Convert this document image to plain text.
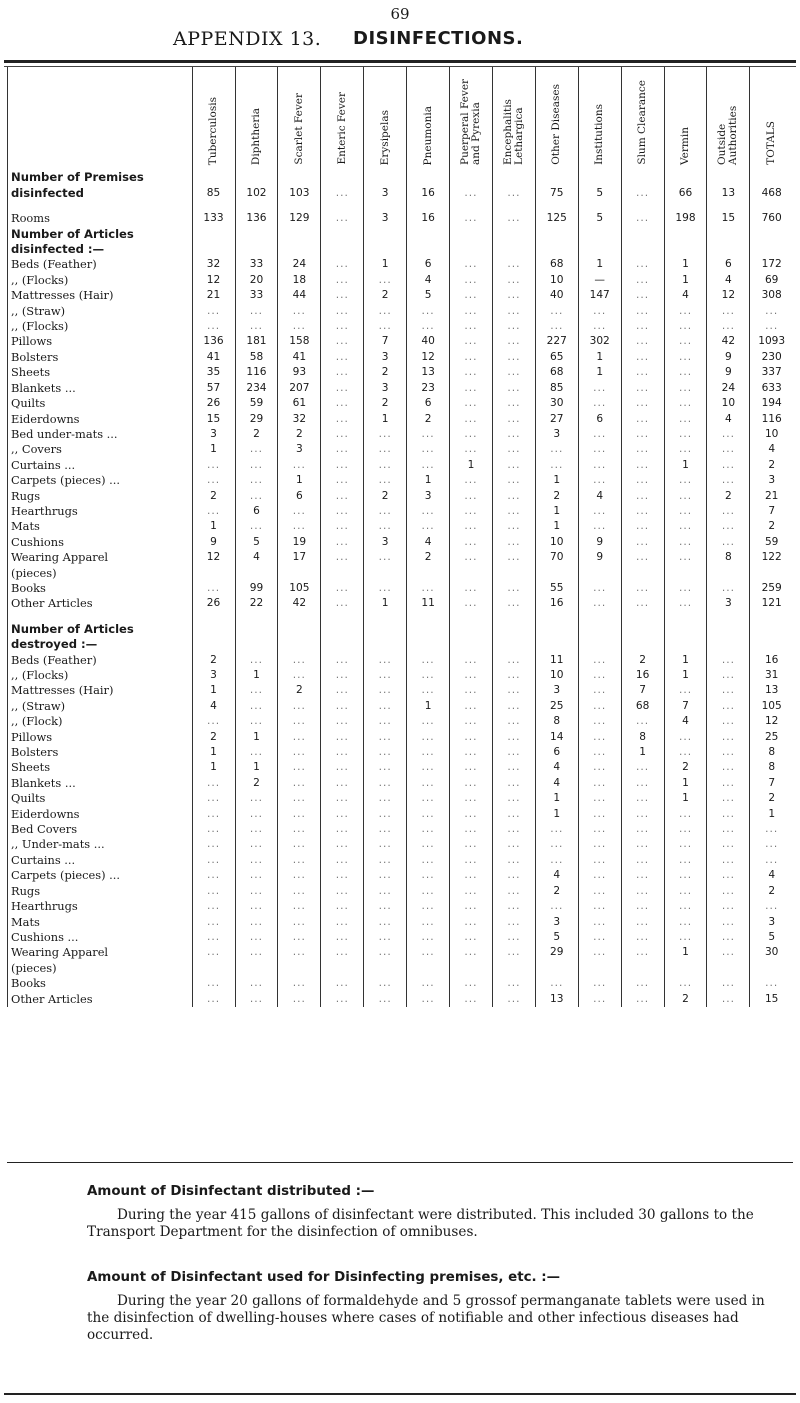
69
APPENDIX 13. DISINFECTIONS.
	Tuberculosis	Diphtheria	Scarlet Fever	Enteric Fever	Erysipelas	Pneumonia	Puerperal Fever and Pyrexia	Encephalitis Lethargica	Other Diseases	Institutions	Slum Clearance	Vermin	Outside Authorities	TOTALS
Number of Premises														
disinfected	85	102	103	...	3	16	...	...	75	5	...	66	13	468

Rooms	133	136	129	...	3	16	...	...	125	5	...	198	15	760
Number of Articles														
disinfected :—														
Beds (Feather)	32	33	24	...	1	6	...	...	68	1	...	1	6	172
,, (Flocks)	12	20	18	...	...	4	...	...	10	—	...	1	4	69
Mattresses (Hair)	21	33	44	...	2	5	...	...	40	147	...	4	12	308
,, (Straw)	...	...	...	...	...	...	...	...	...	...	...	...	...	...
,, (Flocks)	...	...	...	...	...	...	...	...	...	...	...	...	...	...
Pillows	136	181	158	...	7	40	...	...	227	302	...	...	42	1093
Bolsters	41	58	41	...	3	12	...	...	65	1	...	...	9	230
Sheets	35	116	93	...	2	13	...	...	68	1	...	...	9	337
Blankets ...	57	234	207	...	3	23	...	...	85	...	...	...	24	633
Quilts	26	59	61	...	2	6	...	...	30	...	...	...	10	194
Eiderdowns	15	29	32	...	1	2	...	...	27	6	...	...	4	116
Bed under-mats ...	3	2	2	...	...	...	...	...	3	...	...	...	...	10
,, Covers	1	...	3	...	...	...	...	...	...	...	...	...	...	4
Curtains ...	...	...	...	...	...	...	1	...	...	...	...	1	...	2
Carpets (pieces) ...	...	...	1	...	...	1	...	...	1	...	...	...	...	3
Rugs	2	...	6	...	2	3	...	...	2	4	...	...	2	21
Hearthrugs	...	6	...	...	...	...	...	...	1	...	...	...	...	7
Mats	1	...	...	...	...	...	...	...	1	...	...	...	...	2
Cushions	9	5	19	...	3	4	...	...	10	9	...	...	...	59
Wearing Apparel	12	4	17	...	...	2	...	...	70	9	...	...	8	122
(pieces)														
Books	...	99	105	...	...	...	...	...	55	...	...	...	...	259
Other Articles	26	22	42	...	1	11	...	...	16	...	...	...	3	121

Number of Articles														
destroyed :—														
Beds (Feather)	2	...	...	...	...	...	...	...	11	...	2	1	...	16
,, (Flocks)	3	1	...	...	...	...	...	...	10	...	16	1	...	31
Mattresses (Hair)	1	...	2	...	...	...	...	...	3	...	7	...	...	13
,, (Straw)	4	...	...	...	...	1	...	...	25	...	68	7	...	105
,, (Flock)	...	...	...	...	...	...	...	...	8	...	...	4	...	12
Pillows	2	1	...	...	...	...	...	...	14	...	8	...	...	25
Bolsters	1	...	...	...	...	...	...	...	6	...	1	...	...	8
Sheets	1	1	...	...	...	...	...	...	4	...	...	2	...	8
Blankets ...	...	2	...	...	...	...	...	...	4	...	...	1	...	7
Quilts	...	...	...	...	...	...	...	...	1	...	...	1	...	2
Eiderdowns	...	...	...	...	...	...	...	...	1	...	...	...	...	1
Bed Covers	...	...	...	...	...	...	...	...	...	...	...	...	...	...
,, Under-mats ...	...	...	...	...	...	...	...	...	...	...	...	...	...	...
Curtains ...	...	...	...	...	...	...	...	...	...	...	...	...	...	...
Carpets (pieces) ...	...	...	...	...	...	...	...	...	4	...	...	...	...	4
Rugs	...	...	...	...	...	...	...	...	2	...	...	...	...	2
Hearthrugs	...	...	...	...	...	...	...	...	...	...	...	...	...	...
Mats	...	...	...	...	...	...	...	...	3	...	...	...	...	3
Cushions ...	...	...	...	...	...	...	...	...	5	...	...	...	...	5
Wearing Apparel	...	...	...	...	...	...	...	...	29	...	...	1	...	30
(pieces)														
Books	...	...	...	...	...	...	...	...	...	...	...	...	...	...
Other Articles	...	...	...	...	...	...	...	...	13	...	...	2	...	15
Amount of Disinfectant distributed :—
During the year 415 gallons of disinfectant were distributed. This included 30 gallons to the Transport Department for the disinfection of omnibuses.
Amount of Disinfectant used for Disinfecting premises, etc. :—
During the year 20 gallons of formaldehyde and 5 grossof permanganate tablets were used in the disinfection of dwelling-houses where cases of notifiable and other infectious diseases had occurred.
